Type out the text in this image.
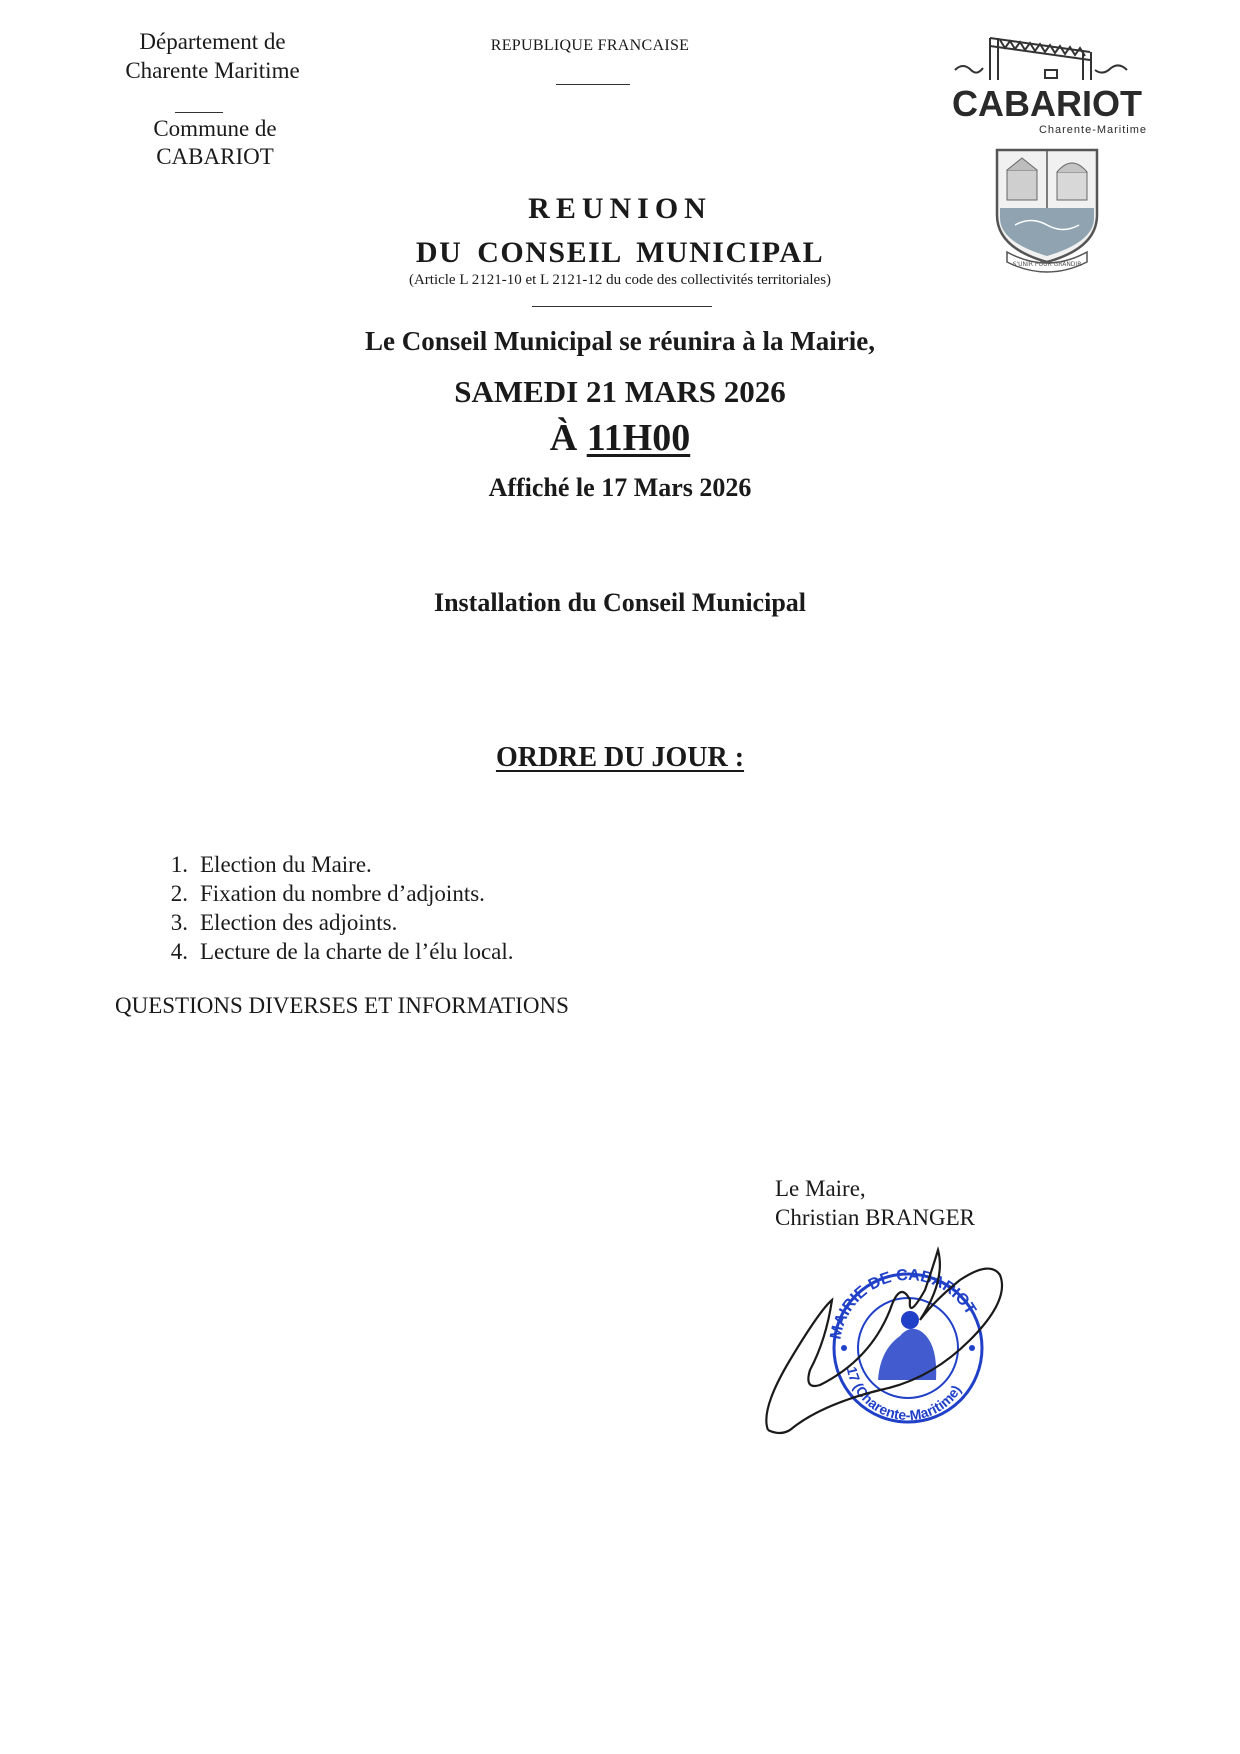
Département de
Charente Maritime
Commune de
CABARIOT
REPUBLIQUE FRANCAISE
CABARIOT
Charente-Maritime
S'UNIR POUR GRANDIR
REUNION
DU CONSEIL MUNICIPAL
(Article L 2121-10 et L 2121-12 du code des collectivités territoriales)
Le Conseil Municipal se réunira à la Mairie,
SAMEDI 21 MARS 2026
À 11H00
Affiché le 17 Mars 2026
Installation du Conseil Municipal
ORDRE DU JOUR :
1. Election du Maire.
2. Fixation du nombre d’adjoints.
3. Election des adjoints.
4. Lecture de la charte de l’élu local.
QUESTIONS DIVERSES ET INFORMATIONS
Le Maire,
Christian BRANGER
MAIRIE DE CABARIOT
17 (Charente-Maritime)
